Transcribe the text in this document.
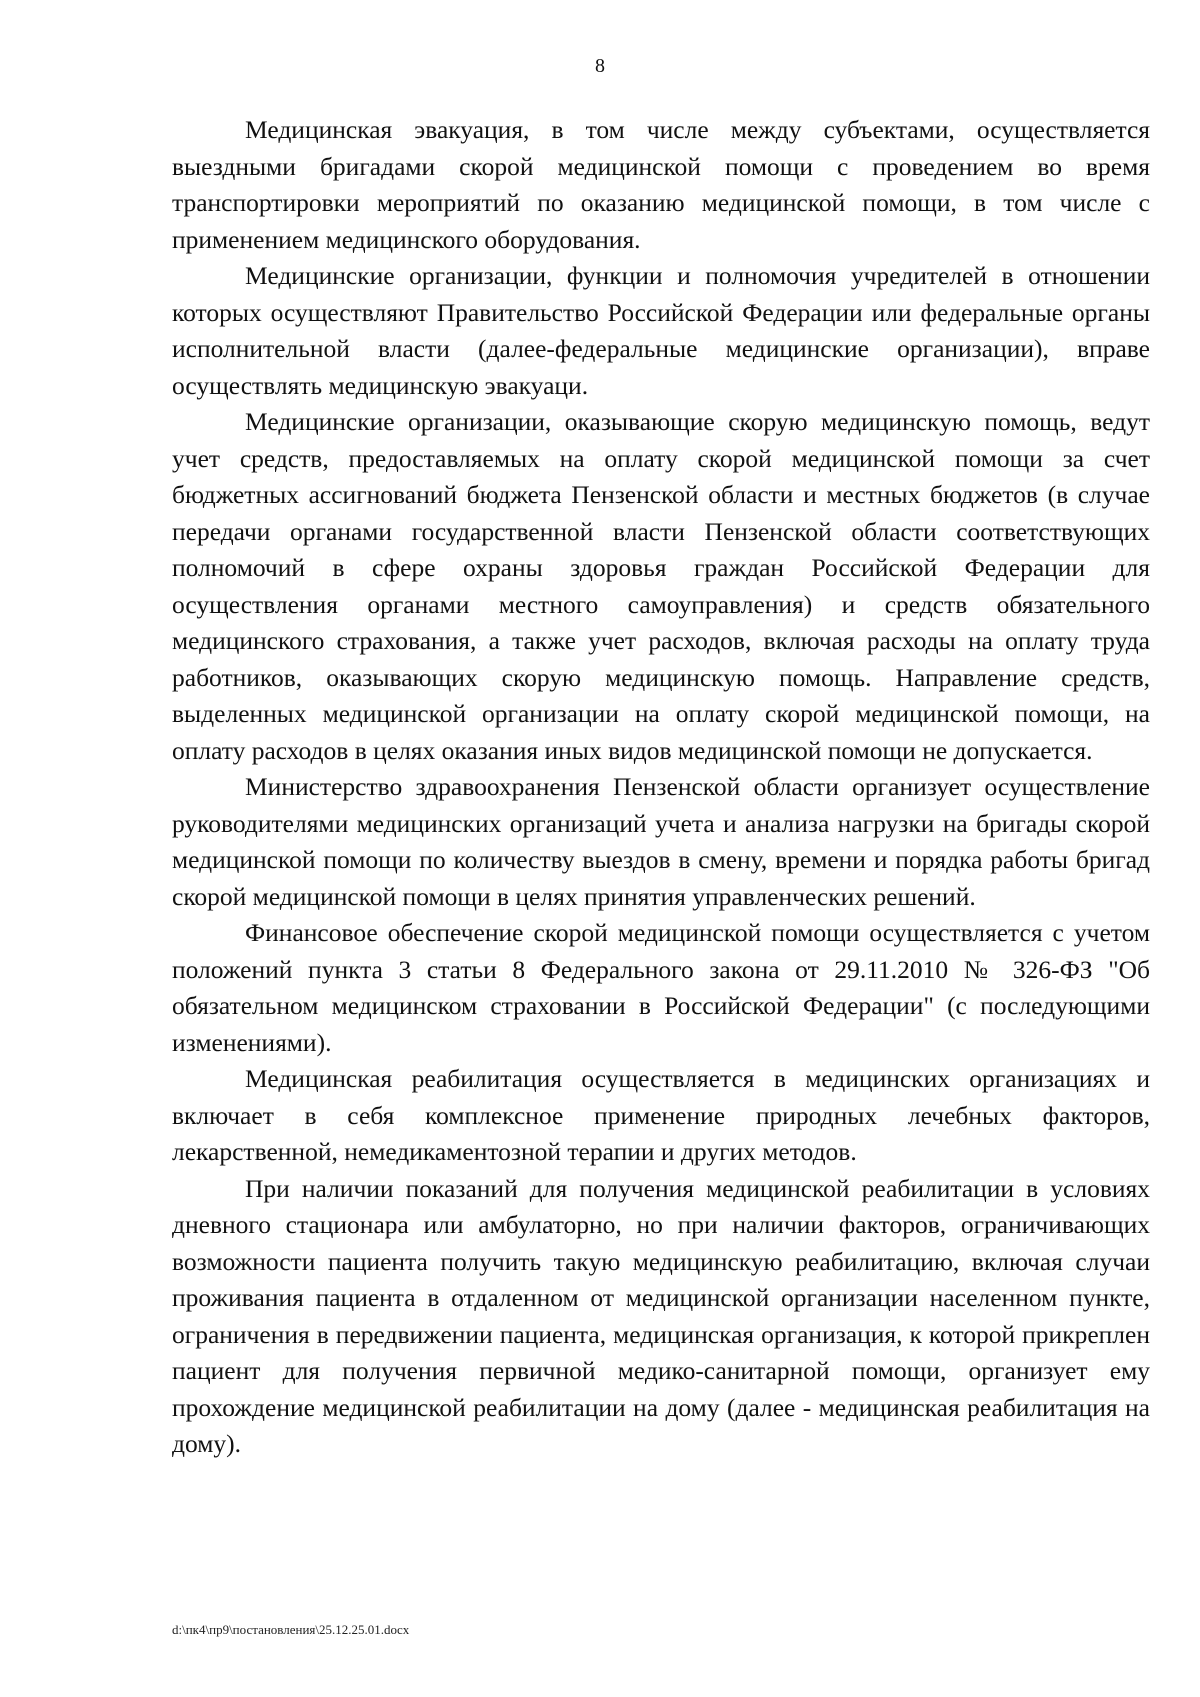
8

Медицинская эвакуация, в том числе между субъектами, осуществляется выездными бригадами скорой медицинской помощи с проведением во время транспортировки мероприятий по оказанию медицинской помощи, в том числе с применением медицинского оборудования.

Медицинские организации, функции и полномочия учредителей в отношении которых осуществляют Правительство Российской Федерации или федеральные органы исполнительной власти (далее-федеральные медицинские организации), вправе осуществлять медицинскую эвакуаци.

Медицинские организации, оказывающие скорую медицинскую помощь, ведут учет средств, предоставляемых на оплату скорой медицинской помощи за счет бюджетных ассигнований бюджета Пензенской области и местных бюджетов (в случае передачи органами государственной власти Пензенской области соответствующих полномочий в сфере охраны здоровья граждан Российской Федерации для осуществления органами местного самоуправления) и средств обязательного медицинского страхования, а также учет расходов, включая расходы на оплату труда работников, оказывающих скорую медицинскую помощь. Направление средств, выделенных медицинской организации на оплату скорой медицинской помощи, на оплату расходов в целях оказания иных видов медицинской помощи не допускается.

Министерство здравоохранения Пензенской области организует осуществление руководителями медицинских организаций учета и анализа нагрузки на бригады скорой медицинской помощи по количеству выездов в смену, времени и порядка работы бригад скорой медицинской помощи в целях принятия управленческих решений.

Финансовое обеспечение скорой медицинской помощи осуществляется с учетом положений пункта 3 статьи 8 Федерального закона от 29.11.2010 № 326-ФЗ "Об обязательном медицинском страховании в Российской Федерации" (с последующими изменениями).

Медицинская реабилитация осуществляется в медицинских организациях и включает в себя комплексное применение природных лечебных факторов, лекарственной, немедикаментозной терапии и других методов.

При наличии показаний для получения медицинской реабилитации в условиях дневного стационара или амбулаторно, но при наличии факторов, ограничивающих возможности пациента получить такую медицинскую реабилитацию, включая случаи проживания пациента в отдаленном от медицинской организации населенном пункте, ограничения в передвижении пациента, медицинская организация, к которой прикреплен пациент для получения первичной медико-санитарной помощи, организует ему прохождение медицинской реабилитации на дому (далее - медицинская реабилитация на дому).

d:\пк4\пр9\постановления\25.12.25.01.docx
